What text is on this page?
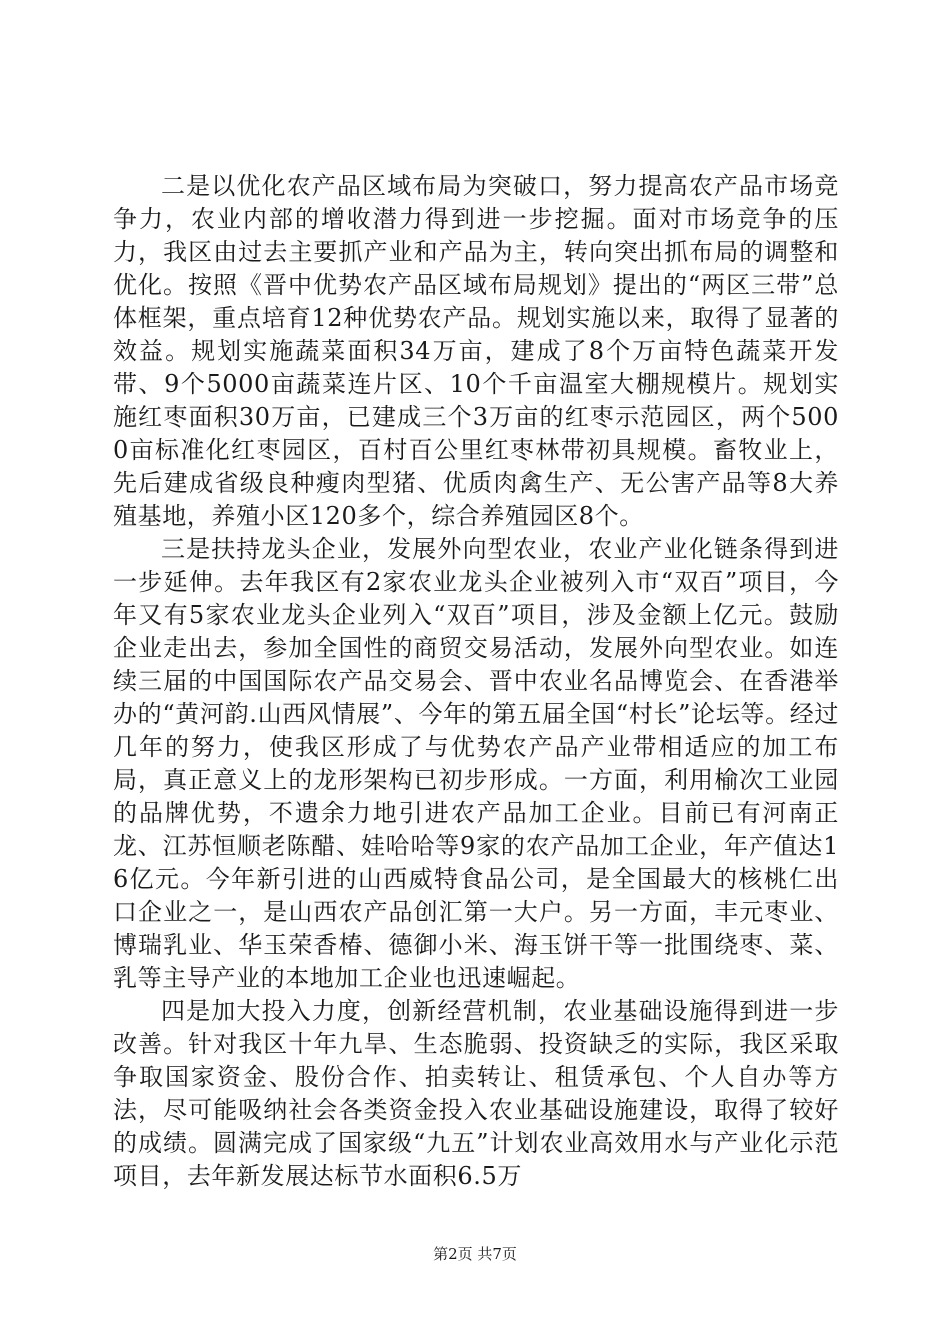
二是以优化农产品区域布局为突破口，努力提高农产品市场竞争力，农业内部的增收潜力得到进一步挖掘。面对市场竞争的压力，我区由过去主要抓产业和产品为主，转向突出抓布局的调整和优化。按照《晋中优势农产品区域布局规划》提出的“两区三带”总体框架，重点培育12种优势农产品。规划实施以来，取得了显著的效益。规划实施蔬菜面积34万亩，建成了8个万亩特色蔬菜开发带、9个5000亩蔬菜连片区、10个千亩温室大棚规模片。规划实施红枣面积30万亩，已建成三个3万亩的红枣示范园区，两个5000亩标准化红枣园区，百村百公里红枣林带初具规模。畜牧业上，先后建成省级良种瘦肉型猪、优质肉禽生产、无公害产品等8大养殖基地，养殖小区120多个，综合养殖园区8个。

三是扶持龙头企业，发展外向型农业，农业产业化链条得到进一步延伸。去年我区有2家农业龙头企业被列入市“双百”项目，今年又有5家农业龙头企业列入“双百”项目，涉及金额上亿元。鼓励企业走出去，参加全国性的商贸交易活动，发展外向型农业。如连续三届的中国国际农产品交易会、晋中农业名品博览会、在香港举办的“黄河韵.山西风情展”、今年的第五届全国“村长”论坛等。经过几年的努力，使我区形成了与优势农产品产业带相适应的加工布局，真正意义上的龙形架构已初步形成。一方面，利用榆次工业园的品牌优势，不遗余力地引进农产品加工企业。目前已有河南正龙、江苏恒顺老陈醋、娃哈哈等9家的农产品加工企业，年产值达16亿元。今年新引进的山西威特食品公司，是全国最大的核桃仁出口企业之一，是山西农产品创汇第一大户。另一方面，丰元枣业、博瑞乳业、华玉荣香椿、德御小米、海玉饼干等一批围绕枣、菜、乳等主导产业的本地加工企业也迅速崛起。

四是加大投入力度，创新经营机制，农业基础设施得到进一步改善。针对我区十年九旱、生态脆弱、投资缺乏的实际，我区采取争取国家资金、股份合作、拍卖转让、租赁承包、个人自办等方法，尽可能吸纳社会各类资金投入农业基础设施建设，取得了较好的成绩。圆满完成了国家级“九五”计划农业高效用水与产业化示范项目，去年新发展达标节水面积6.5万

第2页 共7页
